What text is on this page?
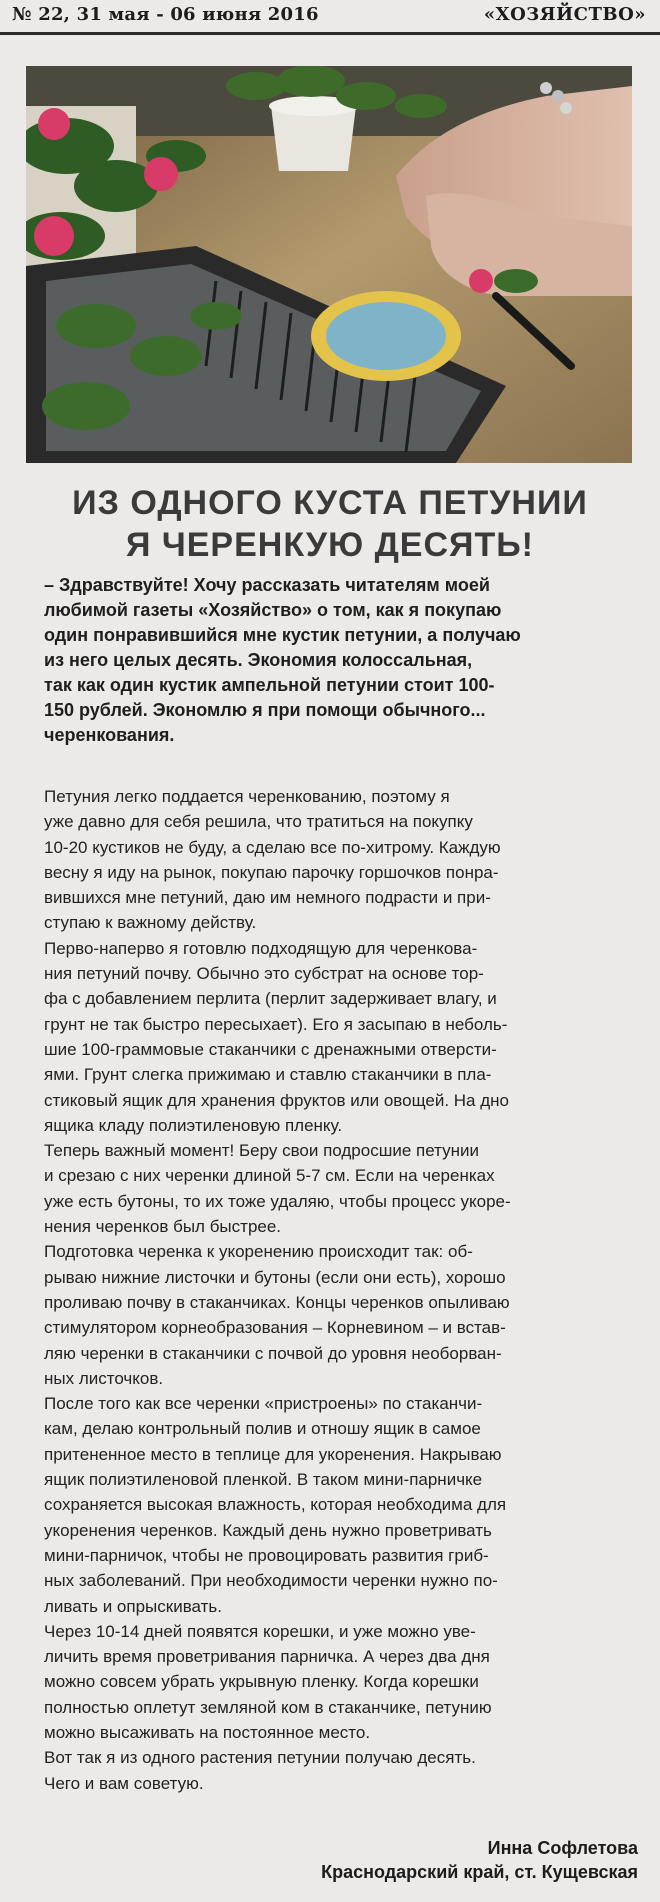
№ 22, 31 мая - 06 июня 2016	«ХОЗЯЙСТВО»
ИЗ ОДНОГО КУСТА ПЕТУНИИ
Я ЧЕРЕНКУЮ ДЕСЯТЬ!
– Здравствуйте! Хочу рассказать читателям моей
любимой газеты «Хозяйство» о том, как я покупаю
один понравившийся мне кустик петунии, а получаю
из него целых десять. Экономия колоссальная,
так как один кустик ампельной петунии стоит 100-
150 рублей. Экономлю я при помощи обычного...
черенкования.
Петуния легко поддается черенкованию, поэтому я
уже давно для себя решила, что тратиться на покупку
10-20 кустиков не буду, а сделаю все по-хитрому. Каждую
весну я иду на рынок, покупаю парочку горшочков понра-
вившихся мне петуний, даю им немного подрасти и при-
ступаю к важному действу.
Перво-наперво я готовлю подходящую для черенкова-
ния петуний почву. Обычно это субстрат на основе тор-
фа с добавлением перлита (перлит задерживает влагу, и
грунт не так быстро пересыхает). Его я засыпаю в неболь-
шие 100-граммовые стаканчики с дренажными отверсти-
ями. Грунт слегка прижимаю и ставлю стаканчики в пла-
стиковый ящик для хранения фруктов или овощей. На дно
ящика кладу полиэтиленовую пленку.
Теперь важный момент! Беру свои подросшие петунии
и срезаю с них черенки длиной 5-7 см. Если на черенках
уже есть бутоны, то их тоже удаляю, чтобы процесс укоре-
нения черенков был быстрее.
Подготовка черенка к укоренению происходит так: об-
рываю нижние листочки и бутоны (если они есть), хорошо
проливаю почву в стаканчиках. Концы черенков опыливаю
стимулятором корнеобразования – Корневином – и встав-
ляю черенки в стаканчики с почвой до уровня необорван-
ных листочков.
После того как все черенки «пристроены» по стаканчи-
кам, делаю контрольный полив и отношу ящик в самое
притененное место в теплице для укоренения. Накрываю
ящик полиэтиленовой пленкой. В таком мини-парничке
сохраняется высокая влажность, которая необходима для
укоренения черенков. Каждый день нужно проветривать
мини-парничок, чтобы не провоцировать развития гриб-
ных заболеваний. При необходимости черенки нужно по-
ливать и опрыскивать.
Через 10-14 дней появятся корешки, и уже можно уве-
личить время проветривания парничка. А через два дня
можно совсем убрать укрывную пленку. Когда корешки
полностью оплетут земляной ком в стаканчике, петунию
можно высаживать на постоянное место.
Вот так я из одного растения петунии получаю десять.
Чего и вам советую.
Инна Софлетова
Краснодарский край, ст. Кущевская
